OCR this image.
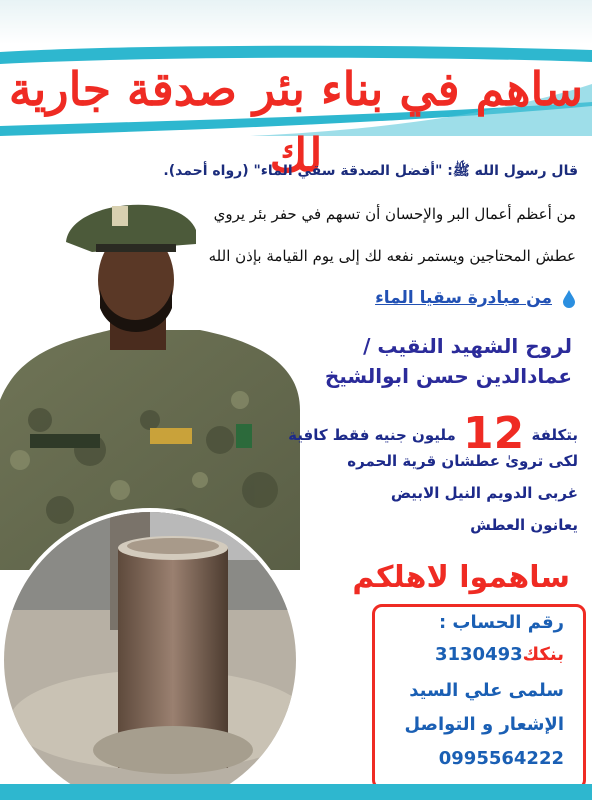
ساهم في بناء بئر صدقة جارية لك
قال رسول الله ﷺ: "أفضل الصدقة سقي الماء" (رواه أحمد).
من أعظم أعمال البر والإحسان أن تسهم في حفر بئر يروي
عطش المحتاجين ويستمر نفعه لك إلى يوم القيامة بإذن الله
من مبادرة سقيا الماء
لروح الشهيد النقيب /
عمادالدين حسن ابوالشيخ
بتكلفة 12 مليون جنيه فقط كافية
لكى تروىٰ عطشان قرية الحمره
غربى الدويم النيل الابيض
يعانون العطش
ساهموا لاهلكم
رقم الحساب :
بنكك3130493
سلمى علي السيد
الإشعار و التواصل
0995564222
